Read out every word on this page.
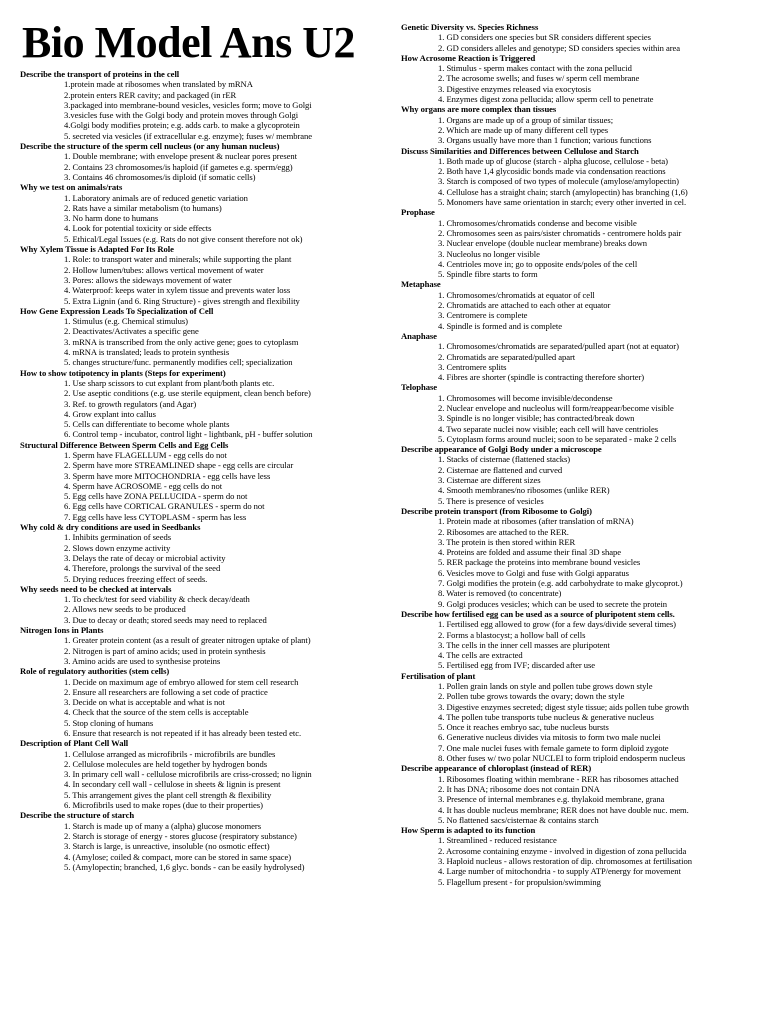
Bio Model Ans U2
Describe the transport of proteins in the cell
1.protein made at ribosomes when translated by mRNA
2.protein enters RER cavity; and packaged (in rER
3.packaged into membrane-bound vesicles, vesicles form; move to Golgi
3.vesicles fuse with the Golgi body and protein moves through Golgi
4.Golgi body modifies protein; e.g. adds carb. to make a glycoprotein
5. secreted via vesicles (if extracellular e.g. enzyme); fuses w/ membrane
Describe the structure of the sperm cell nucleus (or any human nucleus)
1. Double membrane; with envelope present & nuclear pores present
2. Contains 23 chromosomes/is haploid (if gametes e.g. sperm/egg)
3. Contains 46 chromosomes/is diploid (if somatic cells)
Why we test on animals/rats
1. Laboratory animals are of reduced genetic variation
2. Rats have a similar metabolism (to humans)
3. No harm done to humans
4. Look for potential toxicity or side effects
5. Ethical/Legal Issues (e.g. Rats do not give consent therefore not ok)
Why Xylem Tissue is Adapted For Its Role
1. Role: to transport water and minerals; while supporting the plant
2. Hollow lumen/tubes: allows vertical movement of water
3. Pores: allows the sideways movement of water
4. Waterproof: keeps water in xylem tissue and prevents water loss
5. Extra Lignin (and 6. Ring Structure) - gives strength and flexibility
How Gene Expression Leads To Specialization of Cell
1. Stimulus (e.g. Chemical stimulus)
2. Deactivates/Activates a specific gene
3. mRNA is transcribed from the only active gene; goes to cytoplasm
4. mRNA is translated; leads to protein synthesis
5. changes structure/func. permanently modifies cell; specialization
How to show totipotency in plants (Steps for experiment)
1. Use sharp scissors to cut explant from plant/both plants etc.
2. Use aseptic conditions (e.g. use sterile equipment, clean bench before)
3. Ref. to growth regulators (and Agar)
4. Grow explant into callus
5. Cells can differentiate to become whole plants
6. Control temp - incubator, control light - lightbank, pH - buffer solution
Structural Difference Between Sperm Cells and Egg Cells
1. Sperm have FLAGELLUM - egg cells do not
2. Sperm have more STREAMLINED shape - egg cells are circular
3. Sperm have more MITOCHONDRIA - egg cells have less
4. Sperm have ACROSOME - egg cells do not
5. Egg cells have ZONA PELLUCIDA - sperm do not
6. Egg cells have CORTICAL GRANULES - sperm do not
7. Egg cells have less CYTOPLASM - sperm has less
Why cold & dry conditions are used in Seedbanks
1. Inhibits germination of seeds
2. Slows down enzyme activity
3. Delays the rate of decay or microbial activity
4. Therefore, prolongs the survival of the seed
5. Drying reduces freezing effect of seeds.
Why seeds need to be checked at intervals
1. To check/test for seed viability & check decay/death
2. Allows new seeds to be produced
3. Due to decay or death; stored seeds may need to replaced
Nitrogen Ions in Plants
1. Greater protein content (as a result of greater nitrogen uptake of plant)
2. Nitrogen is part of amino acids; used in protein synthesis
3. Amino acids are used to synthesise proteins
Role of regulatory authorities (stem cells)
1. Decide on maximum age of embryo allowed for stem cell research
2. Ensure all researchers are following a set code of practice
3. Decide on what is acceptable and what is not
4. Check that the source of the stem cells is acceptable
5. Stop cloning of humans
6. Ensure that research is not repeated if it has already been tested etc.
Description of Plant Cell Wall
1. Cellulose arranged as microfibrils - microfibrils are bundles
2. Cellulose molecules are held together by hydrogen bonds
3. In primary cell wall - cellulose microfibrils are criss-crossed; no lignin
4. In secondary cell wall - cellulose in sheets & lignin is present
5. This arrangement gives the plant cell strength & flexibility
6. Microfibrils used to make ropes (due to their properties)
Describe the structure of starch
1. Starch is made up of many a (alpha) glucose monomers
2. Starch is storage of energy - stores glucose (respiratory substance)
3. Starch is large, is unreactive, insoluble (no osmotic effect)
4. (Amylose; coiled & compact, more can be stored in same space)
5. (Amylopectin; branched, 1,6 glyc. bonds - can be easily hydrolysed)
Genetic Diversity vs. Species Richness
1. GD considers one species but SR considers different species
2. GD considers alleles and genotype; SD considers species within area
How Acrosome Reaction is Triggered
1. Stimulus - sperm makes contact with the zona pellucid
2. The acrosome swells; and fuses w/ sperm cell membrane
3. Digestive enzymes released via exocytosis
4. Enzymes digest zona pellucida; allow sperm cell to penetrate
Why organs are more complex than tissues
1. Organs are made up of a group of similar tissues;
2. Which are made up of many different cell types
3. Organs usually have more than 1 function; various functions
Discuss Similarities and Differences between Cellulose and Starch
1. Both made up of glucose (starch - alpha glucose, cellulose - beta)
2. Both have 1,4 glycosidic bonds made via condensation reactions
3. Starch is composed of two types of molecule (amylose/amylopectin)
4. Cellulose has a straight chain; starch (amylopectin) has branching (1,6)
5. Monomers have same orientation in starch; every other inverted in cel.
Prophase
1. Chromosomes/chromatids condense and become visible
2. Chromosomes seen as pairs/sister chromatids - centromere holds pair
3. Nuclear envelope (double nuclear membrane) breaks down
3. Nucleolus no longer visible
4. Centrioles move in; go to opposite ends/poles of the cell
5. Spindle fibre starts to form
Metaphase
1. Chromosomes/chromatids at equator of cell
2. Chromatids are attached to each other at equator
3. Centromere is complete
4. Spindle is formed and is complete
Anaphase
1. Chromosomes/chromatids are separated/pulled apart (not at equator)
2. Chromatids are separated/pulled apart
3. Centromere splits
4. Fibres are shorter (spindle is contracting therefore shorter)
Telophase
1. Chromosomes will become invisible/decondense
2. Nuclear envelope and nucleolus will form/reappear/become visible
3. Spindle is no longer visible; has contracted/break down
4. Two separate nuclei now visible; each cell will have centrioles
5. Cytoplasm forms around nuclei; soon to be separated - make 2 cells
Describe appearance of Golgi Body under a microscope
1. Stacks of cisternae (flattened stacks)
2. Cisternae are flattened and curved
3. Cisternae are different sizes
4. Smooth membranes/no ribosomes (unlike RER)
5. There is presence of vesicles
Describe protein transport (from Ribosome to Golgi)
1. Protein made at ribosomes (after translation of mRNA)
2. Ribosomes are attached to the RER.
3. The protein is then stored within RER
4. Proteins are folded and assume their final 3D shape
5. RER package the proteins into membrane bound vesicles
6. Vesicles move to Golgi and fuse with Golgi apparatus
7. Golgi modifies the protein (e.g. add carbohydrate to make glycoprot.)
8. Water is removed (to concentrate)
9. Golgi produces vesicles; which can be used to secrete the protein
Describe how fertilised egg can be used as a source of pluripotent stem cells.
1. Fertilised egg allowed to grow (for a few days/divide several times)
2. Forms a blastocyst; a hollow ball of cells
3. The cells in the inner cell masses are pluripotent
4. The cells are extracted
5. Fertilised egg from IVF; discarded after use
Fertilisation of plant
1. Pollen grain lands on style and pollen tube grows down style
2. Pollen tube grows towards the ovary; down the style
3. Digestive enzymes secreted; digest style tissue; aids pollen tube growth
4. The pollen tube transports tube nucleus & generative nucleus
5. Once it reaches embryo sac, tube nucleus bursts
6. Generative nucleus divides via mitosis to form two male nuclei
7. One male nuclei fuses with female gamete to form diploid zygote
8. Other fuses w/ two polar NUCLEI to form triploid endosperm nucleus
Describe appearance of chloroplast (instead of RER)
1. Ribosomes floating within membrane - RER has ribosomes attached
2. It has DNA; ribosome does not contain DNA
3. Presence of internal membranes e.g. thylakoid membrane, grana
4. It has double nucleus membrane; RER does not have double nuc. mem.
5. No flattened sacs/cisternae & contains starch
How Sperm is adapted to its function
1. Streamlined - reduced resistance
2. Acrosome containing enzyme - involved in digestion of zona pellucida
3. Haploid nucleus - allows restoration of dip. chromosomes at fertilisation
4. Large number of mitochondria - to supply ATP/energy for movement
5. Flagellum present - for propulsion/swimming
